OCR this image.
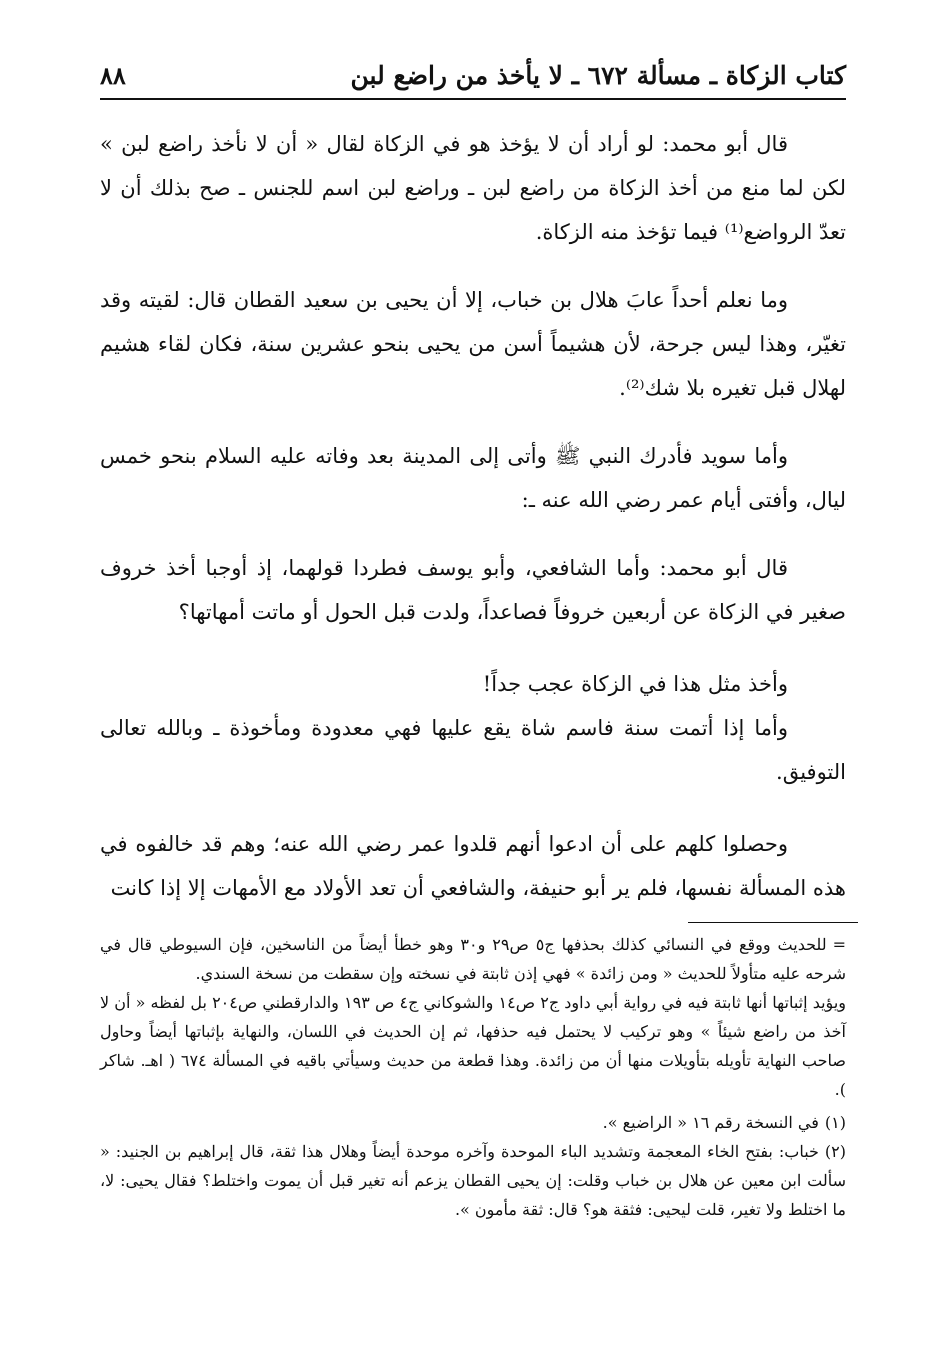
كتاب الزكاة ـ مسألة ٦٧٢ ـ لا يأخذ من راضع لبن
٨٨

قال أبو محمد: لو أراد أن لا يؤخذ هو في الزكاة لقال « أن لا نأخذ راضع لبن » لكن لما منع من أخذ الزكاة من راضع لبن ـ وراضع لبن اسم للجنس ـ صح بذلك أن لا تعدّ الرواضع⁽¹⁾ فيما تؤخذ منه الزكاة.

وما نعلم أحداً عابَ هلال بن خباب، إلا أن يحيى بن سعيد القطان قال: لقيته وقد تغيّر، وهذا ليس جرحة، لأن هشيماً أسن من يحيى بنحو عشرين سنة، فكان لقاء هشيم لهلال قبل تغيره بلا شك⁽²⁾.

وأما سويد فأدرك النبي ﷺ وأتى إلى المدينة بعد وفاته عليه السلام بنحو خمس ليال، وأفتى أيام عمر رضي الله عنه ـ:

قال أبو محمد: وأما الشافعي، وأبو يوسف فطردا قولهما، إذ أوجبا أخذ خروف صغير في الزكاة عن أربعين خروفاً فصاعداً، ولدت قبل الحول أو ماتت أمهاتها؟

وأخذ مثل هذا في الزكاة عجب جداً!

وأما إذا أتمت سنة فاسم شاة يقع عليها فهي معدودة ومأخوذة ـ وبالله تعالى التوفيق.

وحصلوا كلهم على أن ادعوا أنهم قلدوا عمر رضي الله عنه؛ وهم قد خالفوه في هذه المسألة نفسها، فلم ير أبو حنيفة، والشافعي أن تعد الأولاد مع الأمهات إلا إذا كانت

=للحديث ووقع في النسائي كذلك بحذفها ج٥ ص٢٩ و٣٠ وهو خطأ أيضاً من الناسخين، فإن السيوطي قال في شرحه عليه متأولاً للحديث « ومن زائدة » فهي إذن ثابتة في نسخته وإن سقطت من نسخة السندي.

ويؤيد إثباتها أنها ثابتة فيه في رواية أبي داود ج٢ ص١٤ والشوكاني ج٤ ص ١٩٣ والدارقطني ص٢٠٤ بل لفظه « أن لا آخذ من راضع شيئاً » وهو تركيب لا يحتمل فيه حذفها، ثم إن الحديث في اللسان، والنهاية بإثباتها أيضاً وحاول صاحب النهاية تأويله بتأويلات منها أن من زائدة. وهذا قطعة من حديث وسيأتي باقيه في المسألة ٦٧٤ ( اهـ. شاكر ).

(١)في النسخة رقم ١٦ « الراضيع ».

(٢)خباب: بفتح الخاء المعجمة وتشديد الباء الموحدة وآخره موحدة أيضاً وهلال هذا ثقة، قال إبراهيم بن الجنيد: « سألت ابن معين عن هلال بن خباب وقلت: إن يحيى القطان يزعم أنه تغير قبل أن يموت واختلط؟ فقال يحيى: لا، ما اختلط ولا تغير، قلت ليحيى: فثقة هو؟ قال: ثقة مأمون ».
